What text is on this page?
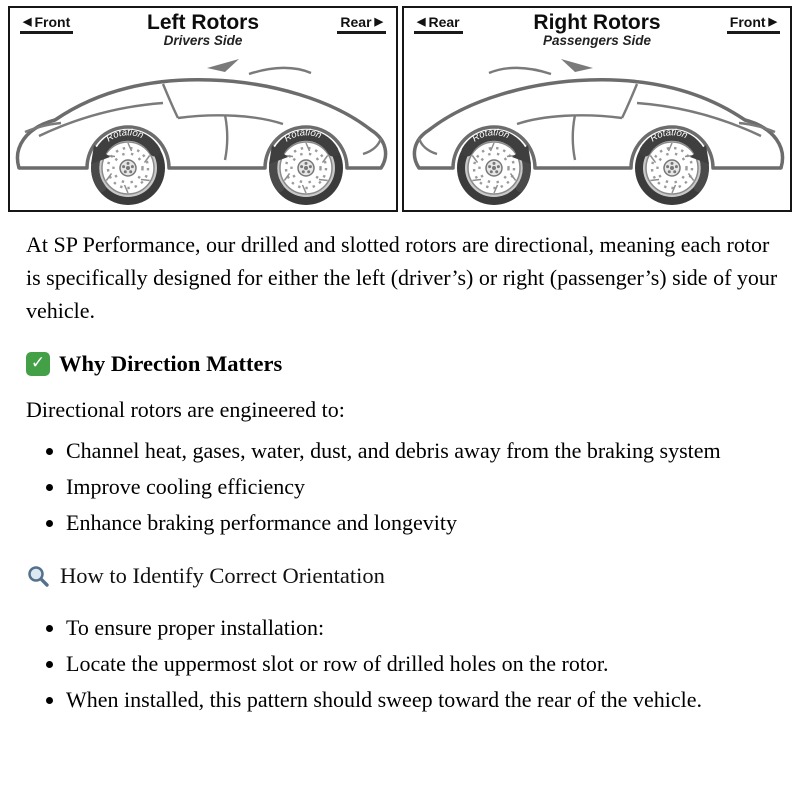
◀ Front	Rear ▶
Left Rotors
Drivers Side
◀ Rear	Front ▶
Right Rotors
Passengers Side

At SP Performance, our drilled and slotted rotors are directional, meaning each rotor is specifically designed for either the left (driver’s) or right (passenger’s) side of your vehicle.

✓ Why Direction Matters

Directional rotors are engineered to:

• Channel heat, gases, water, dust, and debris away from the braking system
• Improve cooling efficiency
• Enhance braking performance and longevity
How to Identify Correct Orientation
• To ensure proper installation:
• Locate the uppermost slot or row of drilled holes on the rotor.
• When installed, this pattern should sweep toward the rear of the vehicle.
